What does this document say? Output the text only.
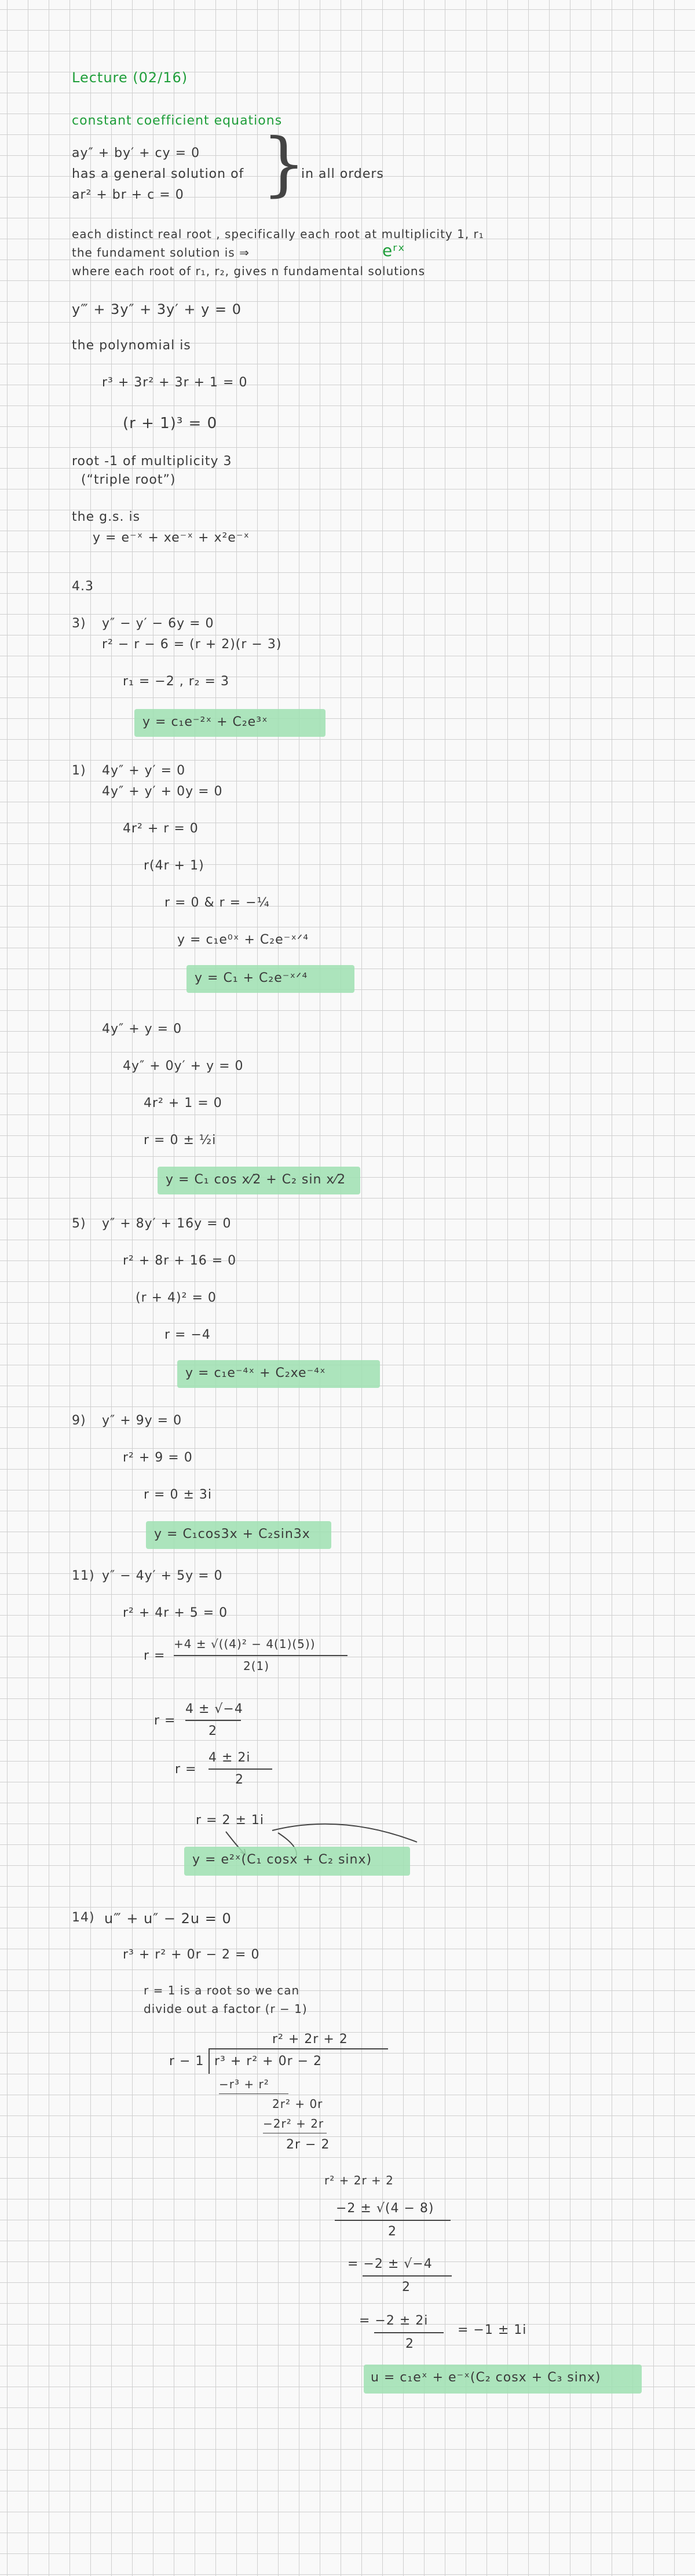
Lecture (02/16)
constant coefficient equations
ay″ + by′ + cy = 0
has a general solution of
ar² + br + c = 0 }
in all orders
each distinct real root , specifically each root at multiplicity 1, r₁
the fundament solution is ⇒	eʳˣ
where each root of r₁, r₂, gives n fundamental solutions
y‴ + 3y″ + 3y′ + y = 0
the polynomial is
r³ + 3r² + 3r + 1 = 0
(r + 1)³ = 0
root -1 of multiplicity 3
(“triple root”)
the g.s. is
y = e⁻ˣ + xe⁻ˣ + x²e⁻ˣ
4.3
3) y″ − y′ − 6y = 0
r² − r − 6 = (r + 2)(r − 3)
r₁ = −2 , r₂ = 3
y = c₁e⁻²ˣ + C₂e³ˣ
1) 4y″ + y′ = 0
4y″ + y′ + 0y = 0
4r² + r = 0
r(4r + 1)
r = 0 & r = −¼
y = c₁e⁰ˣ + C₂e⁻ˣᐟ⁴
y = C₁ + C₂e⁻ˣᐟ⁴
4y″ + y = 0
4y″ + 0y′ + y = 0
4r² + 1 = 0
r = 0 ± ½i
y = C₁ cos x⁄2 + C₂ sin x⁄2
5) y″ + 8y′ + 16y = 0
r² + 8r + 16 = 0
(r + 4)² = 0
r = −4
y = c₁e⁻⁴ˣ + C₂xe⁻⁴ˣ
9) y″ + 9y = 0
r² + 9 = 0
r = 0 ± 3i
y = C₁cos3x + C₂sin3x
11) y″ − 4y′ + 5y = 0
r² + 4r + 5 = 0
r =
+4 ± √((4)² − 4(1)(5))
2(1)
r =
4 ± √−4
2
r =
4 ± 2i
2
r = 2 ± 1i
y = e²ˣ(C₁ cosx + C₂ sinx)
14) u‴ + u″ − 2u = 0
r³ + r² + 0r − 2 = 0
r = 1 is a root so we can
divide out a factor (r − 1)
r² + 2r + 2
r − 1 r³ + r² + 0r − 2
−r³ + r²
2r² + 0r
−2r² + 2r
2r − 2
r² + 2r + 2
−2 ± √(4 − 8)
2
= −2 ± √−4
2
= −2 ± 2i
2
= −1 ± 1i
u = c₁eˣ + e⁻ˣ(C₂ cosx + C₃ sinx)
